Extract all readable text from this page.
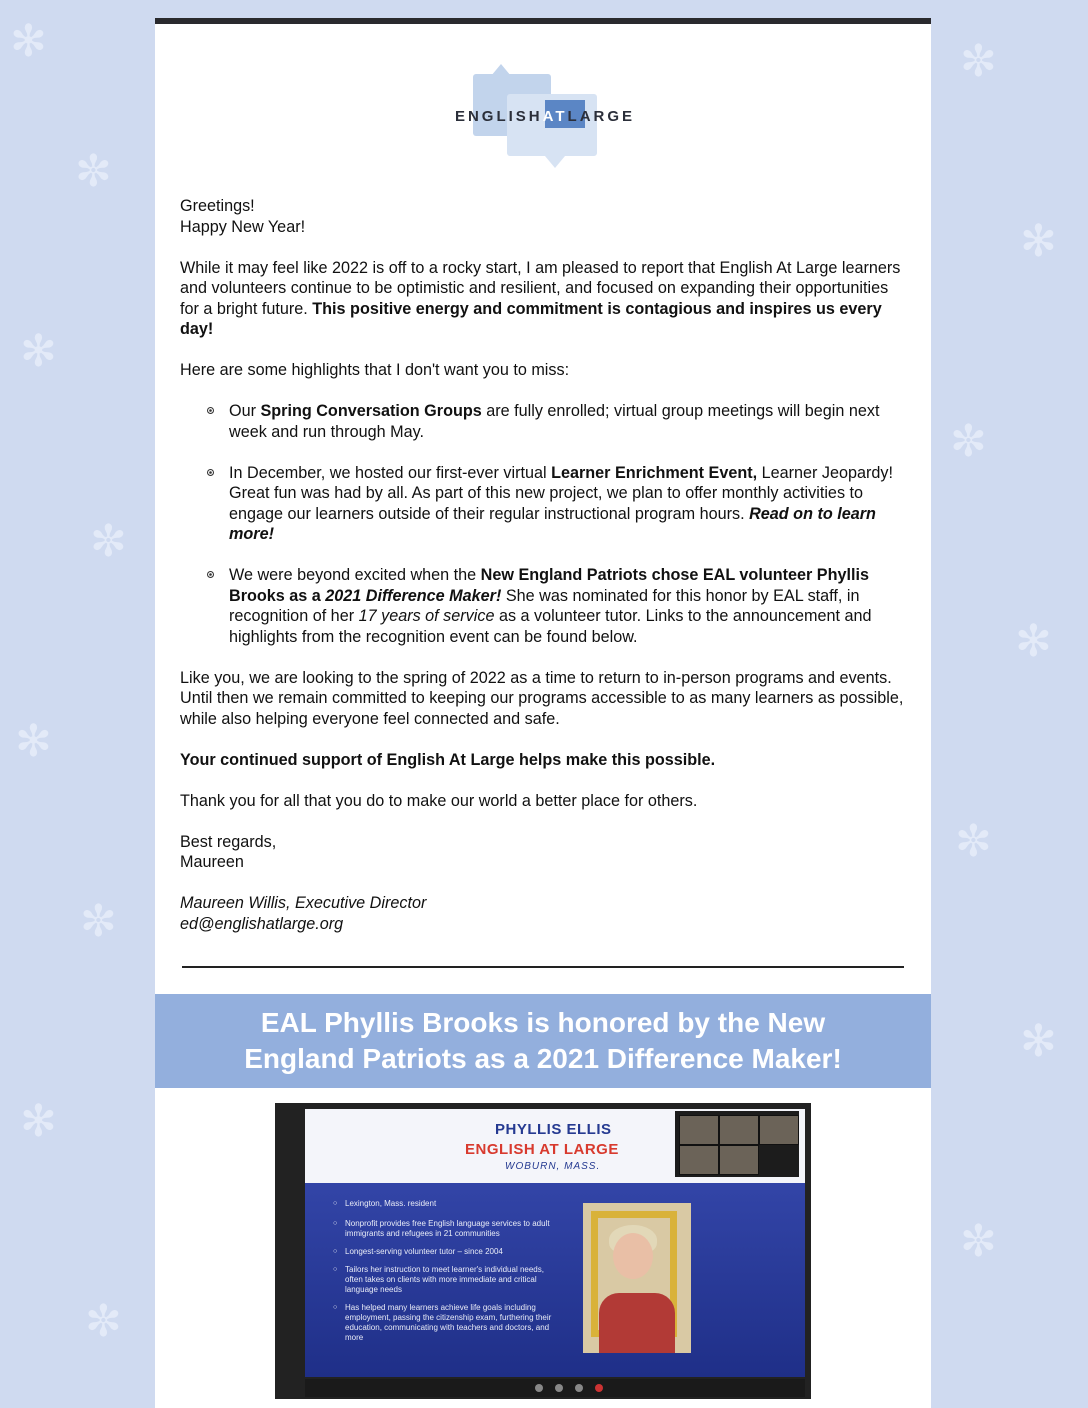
✻
✼
✻
✼
✻
✼
✻
✼
✼
✻
✼
✻
✼
✻
✼
ENGLISHATLARGE

Greetings!
Happy New Year!

While it may feel like 2022 is off to a rocky start, I am pleased to report that English At Large learners and volunteers continue to be optimistic and resilient, and focused on expanding their opportunities for a bright future. This positive energy and commitment is contagious and inspires us every day!

Here are some highlights that I don't want you to miss:

Our Spring Conversation Groups are fully enrolled; virtual group meetings will begin next week and run through May.
In December, we hosted our first-ever virtual Learner Enrichment Event, Learner Jeopardy! Great fun was had by all. As part of this new project, we plan to offer monthly activities to engage our learners outside of their regular instructional program hours. Read on to learn more!
We were beyond excited when the New England Patriots chose EAL volunteer Phyllis Brooks as a 2021 Difference Maker! She was nominated for this honor by EAL staff, in recognition of her 17 years of service as a volunteer tutor. Links to the announcement and highlights from the recognition event can be found below.

Like you, we are looking to the spring of 2022 as a time to return to in-person programs and events. Until then we remain committed to keeping our programs accessible to as many learners as possible, while also helping everyone feel connected and safe.

Your continued support of English At Large helps make this possible.

Thank you for all that you do to make our world a better place for others.

Best regards,
Maureen

Maureen Willis, Executive Director
ed@englishatlarge.org

EAL Phyllis Brooks is honored by the New England Patriots as a 2021 Difference Maker!
PHYLLIS ELLIS
ENGLISH AT LARGE
WOBURN, MASS.
○ Lexington, Mass. resident
○ Nonprofit provides free English language services to adult immigrants and refugees in 21 communities
○ Longest-serving volunteer tutor – since 2004
○ Tailors her instruction to meet learner's individual needs, often takes on clients with more immediate and critical language needs
○ Has helped many learners achieve life goals including employment, passing the citizenship exam, furthering their education, communicating with teachers and doctors, and more
